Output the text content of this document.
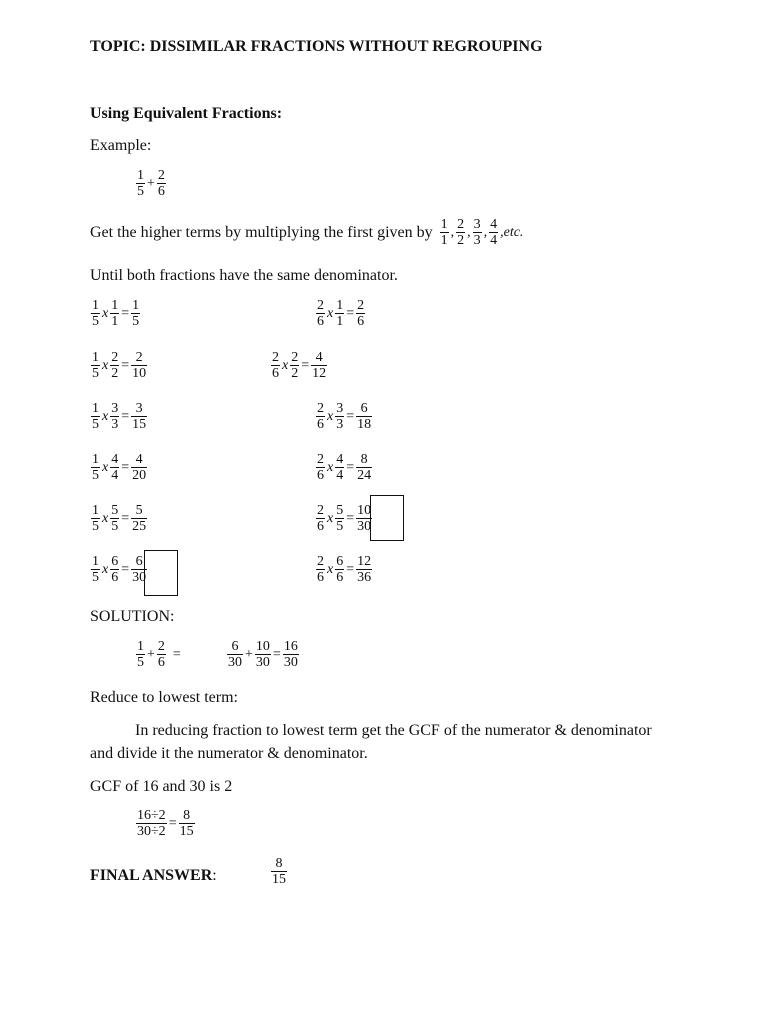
TOPIC: DISSIMILAR FRACTIONS WITHOUT REGROUPING
Using Equivalent Fractions:
Example:
$\frac{1}{5} + \frac{2}{6}$
Get the higher terms by multiplying the first given by $\frac{1}{1}$ , $\frac{2}{2}$ , $\frac{3}{3}$ , $\frac{4}{4} ,etc$.
Until both fractions have the same denominator.
$\frac{1}{5}$ x $\frac{1}{1} = \frac{1}{5}$
$\frac{1}{5}$ x $\frac{2}{2} = \frac{2}{10}$
$\frac{1}{5}$ x $\frac{3}{3} = \frac{3}{15}$
$\frac{1}{5}$ x $\frac{4}{4} = \frac{4}{20}$
$\frac{1}{5}$ x $\frac{5}{5} = \frac{5}{25}$
$\frac{1}{5}$ x $\frac{6}{6} = \frac{6}{30}$
$\frac{2}{6}$ x $\frac{1}{1} = \frac{2}{6}$
$\frac{2}{6}$ x $\frac{2}{2} = \frac{4}{12}$
$\frac{2}{6}$ x $\frac{3}{3} = \frac{6}{18}$
$\frac{2}{6}$ x $\frac{4}{4} = \frac{8}{24}$
$\frac{2}{6}$ x $\frac{5}{5} = \frac{10}{30}$
$\frac{2}{6}$ x $\frac{6}{6} = \frac{12}{36}$
SOLUTION:
$\frac{1}{5} + \frac{2}{6}$ =	$\frac{6}{30} + \frac{10}{30} = \frac{16}{30}$
Reduce to lowest term:
In reducing fraction to lowest term get the GCF of the numerator & denominator
and divide it the numerator & denominator.
GCF of 16 and 30 is 2
$\frac{16\div 2}{30\div 2} = \frac{8}{15}$
FINAL ANSWER:	$\frac{8}{15}$
